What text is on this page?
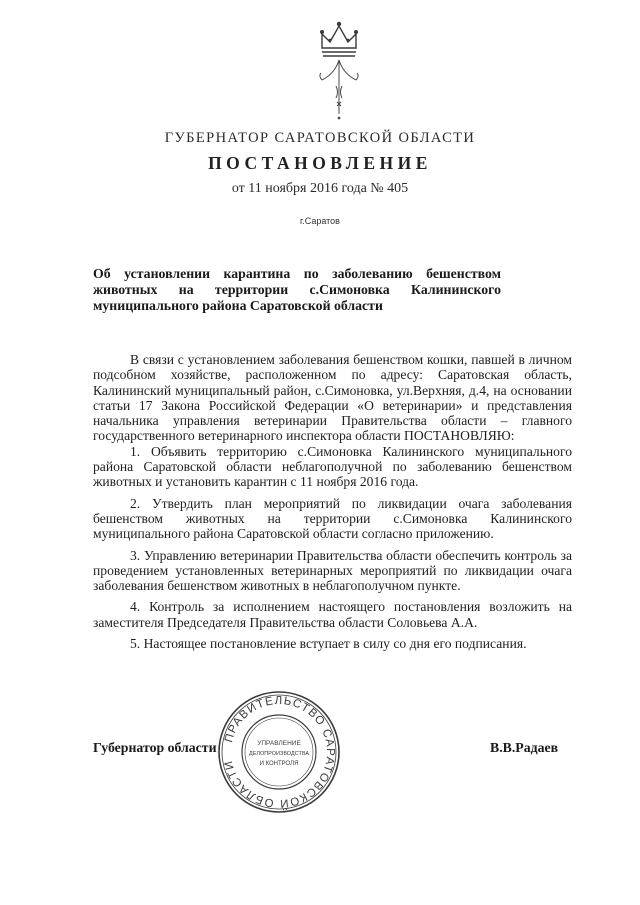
ГУБЕРНАТОР САРАТОВСКОЙ ОБЛАСТИ
ПОСТАНОВЛЕНИЕ
от 11 ноября 2016 года № 405
г.Саратов
Об установлении карантина по заболеванию бешенством животных на территории с.Симоновка Калининского муниципального района Саратовской области

В связи с установлением заболевания бешенством кошки, павшей в личном подсобном хозяйстве, расположенном по адресу: Саратовская область, Калининский муниципальный район, с.Симоновка, ул.Верхняя, д.4, на основании статьи 17 Закона Российской Федерации «О ветеринарии» и представления начальника управления ветеринарии Правительства области – главного государственного ветеринарного инспектора области ПОСТАНОВЛЯЮ:

1. Объявить территорию с.Симоновка Калининского муниципального района Саратовской области неблагополучной по заболеванию бешенством животных и установить карантин с 11 ноября 2016 года.

2. Утвердить план мероприятий по ликвидации очага заболевания бешенством животных на территории с.Симоновка Калининского муниципального района Саратовской области согласно приложению.

3. Управлению ветеринарии Правительства области обеспечить контроль за проведением установленных ветеринарных мероприятий по ликвидации очага заболевания бешенством животных в неблагополучном пункте.

4. Контроль за исполнением настоящего постановления возложить на заместителя Председателя Правительства области Соловьева А.А.

5. Настоящее постановление вступает в силу со дня его подписания.

Губернатор области	В.В.Радаев
ПРАВИТЕЛЬСТВО САРАТОВСКОЙ ОБЛАСТИ
УПРАВЛЕНИЕ
ДЕЛОПРОИЗВОДСТВА
И КОНТРОЛЯ
